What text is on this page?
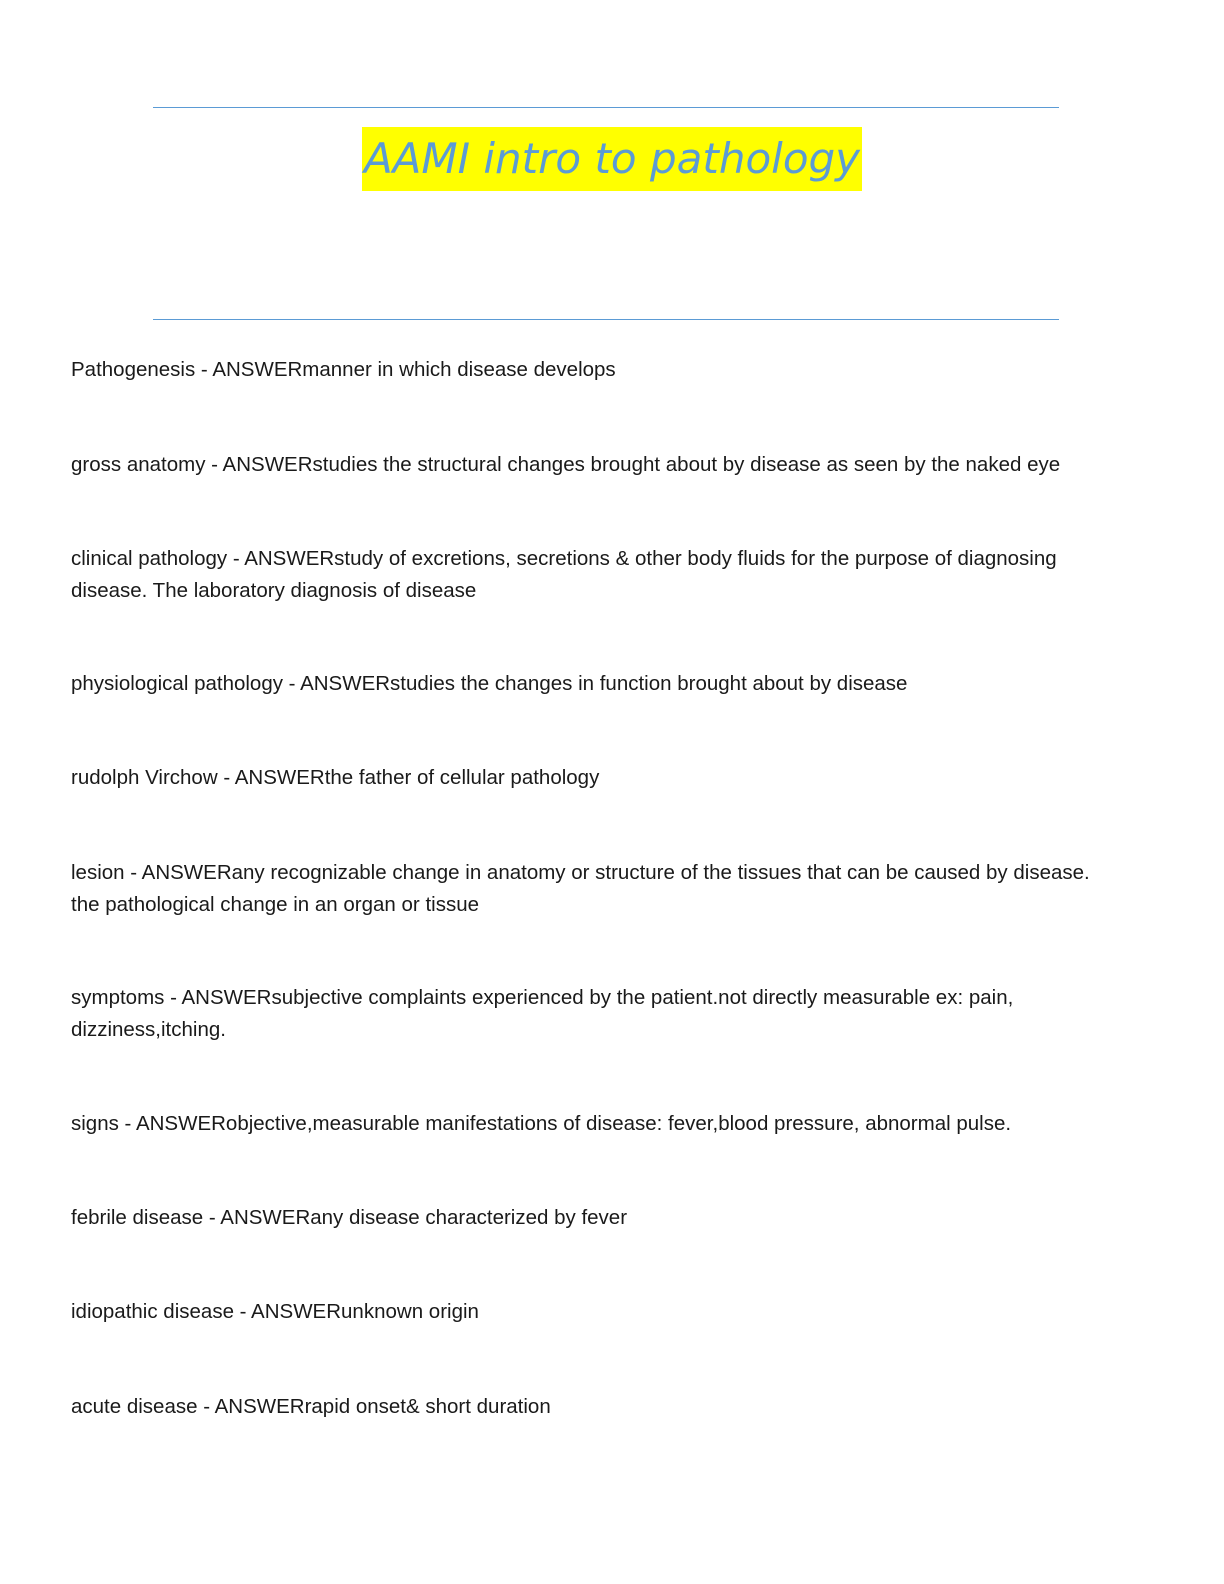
AAMI intro to pathology
Pathogenesis - ANSWERmanner in which disease develops
gross anatomy - ANSWERstudies the structural changes brought about by disease as seen by the naked eye
clinical pathology - ANSWERstudy of excretions, secretions & other body fluids for the purpose of diagnosing
disease. The laboratory diagnosis of disease
physiological pathology - ANSWERstudies the changes in function brought about by disease
rudolph Virchow - ANSWERthe father of cellular pathology
lesion - ANSWERany recognizable change in anatomy or structure of the tissues that can be caused by disease.
the pathological change in an organ or tissue
symptoms - ANSWERsubjective complaints experienced by the patient.not directly measurable ex: pain,
dizziness,itching.
signs - ANSWERobjective,measurable manifestations of disease: fever,blood pressure, abnormal pulse.
febrile disease - ANSWERany disease characterized by fever
idiopathic disease - ANSWERunknown origin
acute disease - ANSWERrapid onset& short duration
